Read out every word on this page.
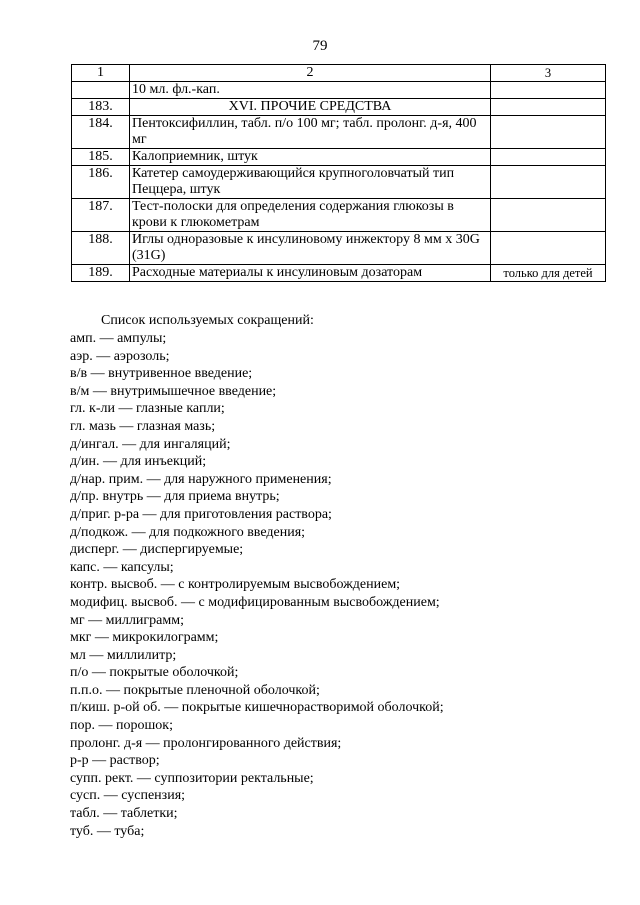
79
1	2	3
	10 мл. фл.-кап.	
183.	XVI. ПРОЧИЕ СРЕДСТВА	
184.	Пентоксифиллин, табл. п/о 100 мг; табл. пролонг. д-я, 400 мг	
185.	Калоприемник, штук	
186.	Катетер самоудерживающийся крупноголовчатый тип Пеццера, штук	
187.	Тест-полоски для определения содержания глюкозы в крови к глюкометрам	
188.	Иглы одноразовые к инсулиновому инжектору 8 мм х 30G (31G)	
189.	Расходные материалы к инсулиновым дозаторам	только для детей
Список используемых сокращений:
амп. — ампулы;
аэр. — аэрозоль;
в/в — внутривенное введение;
в/м — внутримышечное введение;
гл. к-ли — глазные капли;
гл. мазь — глазная мазь;
д/ингал. — для ингаляций;
д/ин. — для инъекций;
д/нар. прим. — для наружного применения;
д/пр. внутрь — для приема внутрь;
д/приг. р-ра — для приготовления раствора;
д/подкож. — для подкожного введения;
дисперг. — диспергируемые;
капс. — капсулы;
контр. высвоб. — с контролируемым высвобождением;
модифиц. высвоб. — с модифицированным высвобождением;
мг — миллиграмм;
мкг — микрокилограмм;
мл — миллилитр;
п/о — покрытые оболочкой;
п.п.о. — покрытые пленочной оболочкой;
п/киш. р-ой об. — покрытые кишечнорастворимой оболочкой;
пор. — порошок;
пролонг. д-я — пролонгированного действия;
р-р — раствор;
супп. рект. — суппозитории ректальные;
сусп. — суспензия;
табл. — таблетки;
туб. — туба;
